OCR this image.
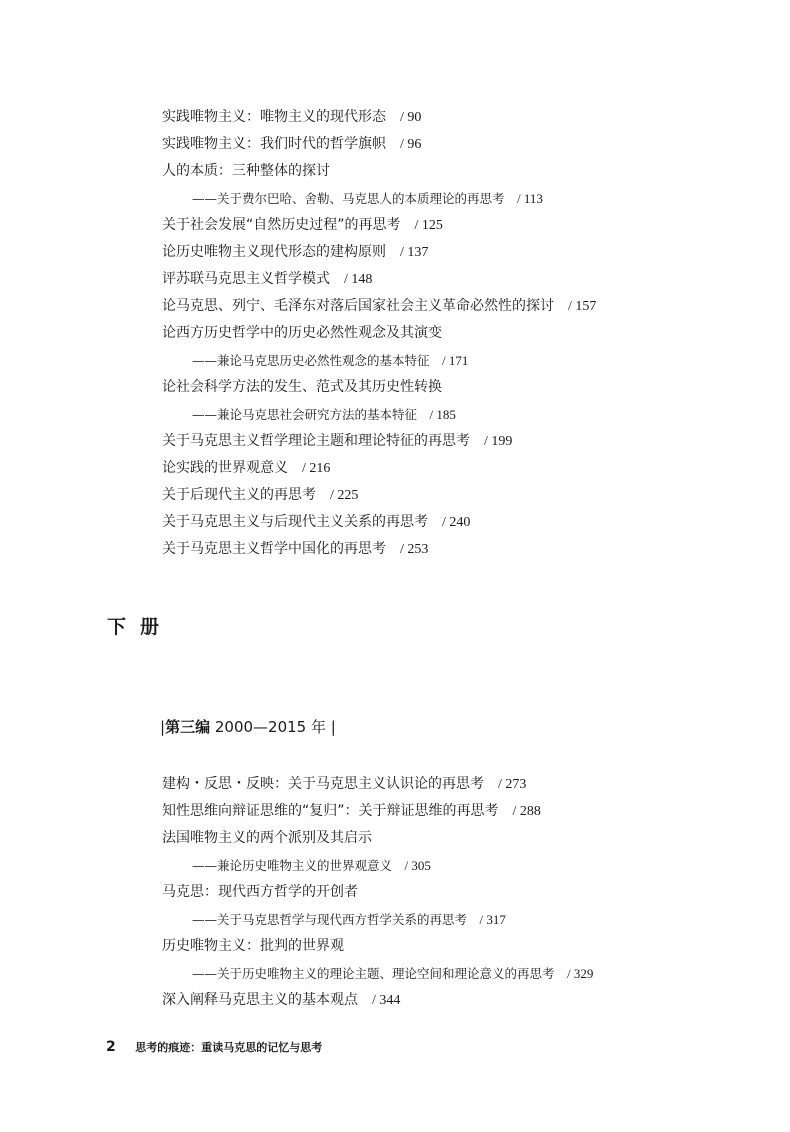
实践唯物主义：唯物主义的现代形态  / 90
实践唯物主义：我们时代的哲学旗帜  / 96
人的本质：三种整体的探讨
——关于费尔巴哈、舍勒、马克思人的本质理论的再思考  / 113
关于社会发展“自然历史过程”的再思考  / 125
论历史唯物主义现代形态的建构原则  / 137
评苏联马克思主义哲学模式  / 148
论马克思、列宁、毛泽东对落后国家社会主义革命必然性的探讨  / 157
论西方历史哲学中的历史必然性观念及其演变
——兼论马克思历史必然性观念的基本特征  / 171
论社会科学方法的发生、范式及其历史性转换
——兼论马克思社会研究方法的基本特征  / 185
关于马克思主义哲学理论主题和理论特征的再思考  / 199
论实践的世界观意义  / 216
关于后现代主义的再思考  / 225
关于马克思主义与后现代主义关系的再思考  / 240
关于马克思主义哲学中国化的再思考  / 253
下册
|第三编 2000—2015 年 |
建构・反思・反映：关于马克思主义认识论的再思考  / 273
知性思维向辩证思维的“复归”：关于辩证思维的再思考  / 288
法国唯物主义的两个派别及其启示
——兼论历史唯物主义的世界观意义  / 305
马克思：现代西方哲学的开创者
——关于马克思哲学与现代西方哲学关系的再思考  / 317
历史唯物主义：批判的世界观
——关于历史唯物主义的理论主题、理论空间和理论意义的再思考  / 329
深入阐释马克思主义的基本观点  / 344
2 思考的痕迹：重读马克思的记忆与思考
